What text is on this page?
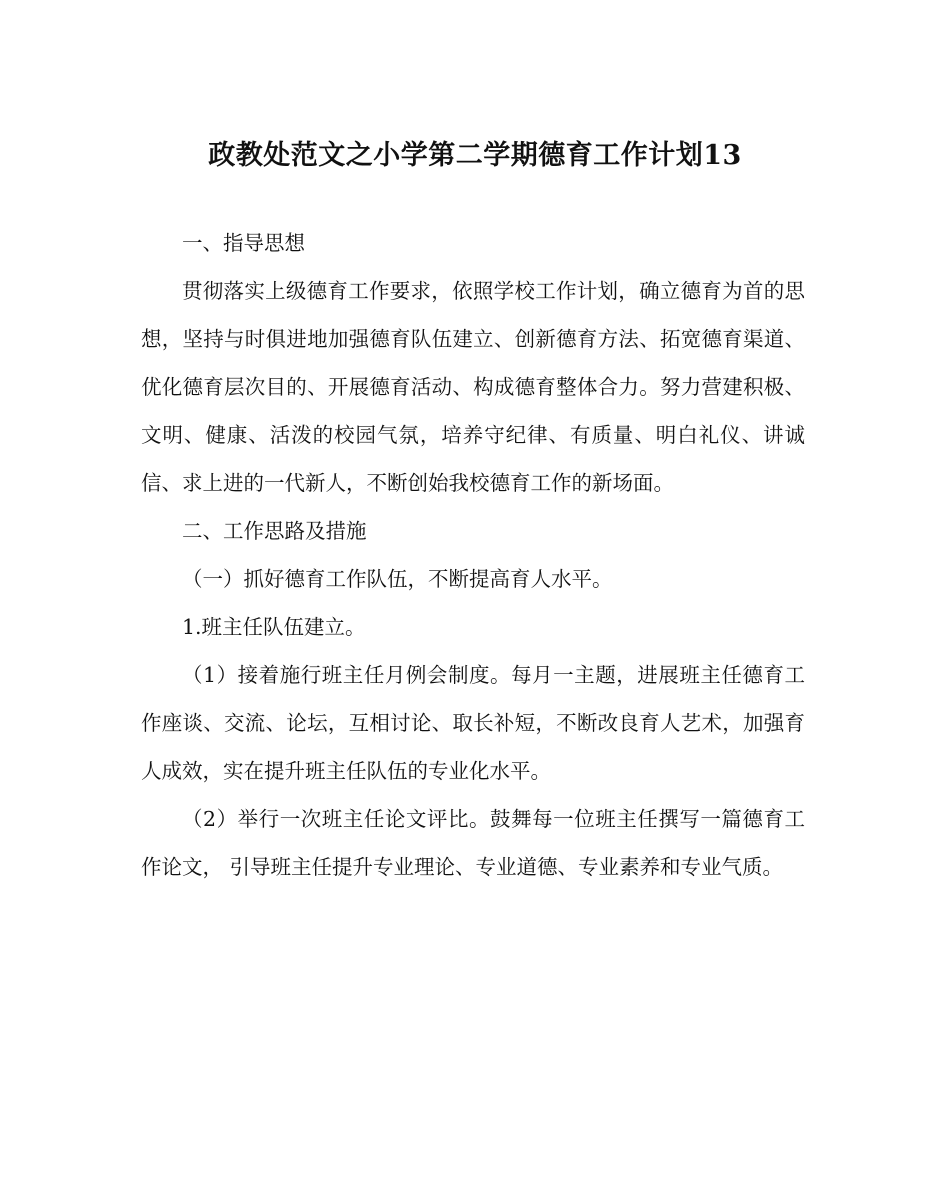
政教处范文之小学第二学期德育工作计划13

一、指导思想

贯彻落实上级德育工作要求，依照学校工作计划，确立德育为首的思想，坚持与时俱进地加强德育队伍建立、创新德育方法、拓宽德育渠道、优化德育层次目的、开展德育活动、构成德育整体合力。努力营建积极、文明、健康、活泼的校园气氛，培养守纪律、有质量、明白礼仪、讲诚信、求上进的一代新人，不断创始我校德育工作的新场面。

二、工作思路及措施

（一）抓好德育工作队伍，不断提高育人水平。

1.班主任队伍建立。

（1）接着施行班主任月例会制度。每月一主题，进展班主任德育工作座谈、交流、论坛，互相讨论、取长补短，不断改良育人艺术，加强育人成效，实在提升班主任队伍的专业化水平。

（2）举行一次班主任论文评比。鼓舞每一位班主任撰写一篇德育工作论文， 引导班主任提升专业理论、专业道德、专业素养和专业气质。
